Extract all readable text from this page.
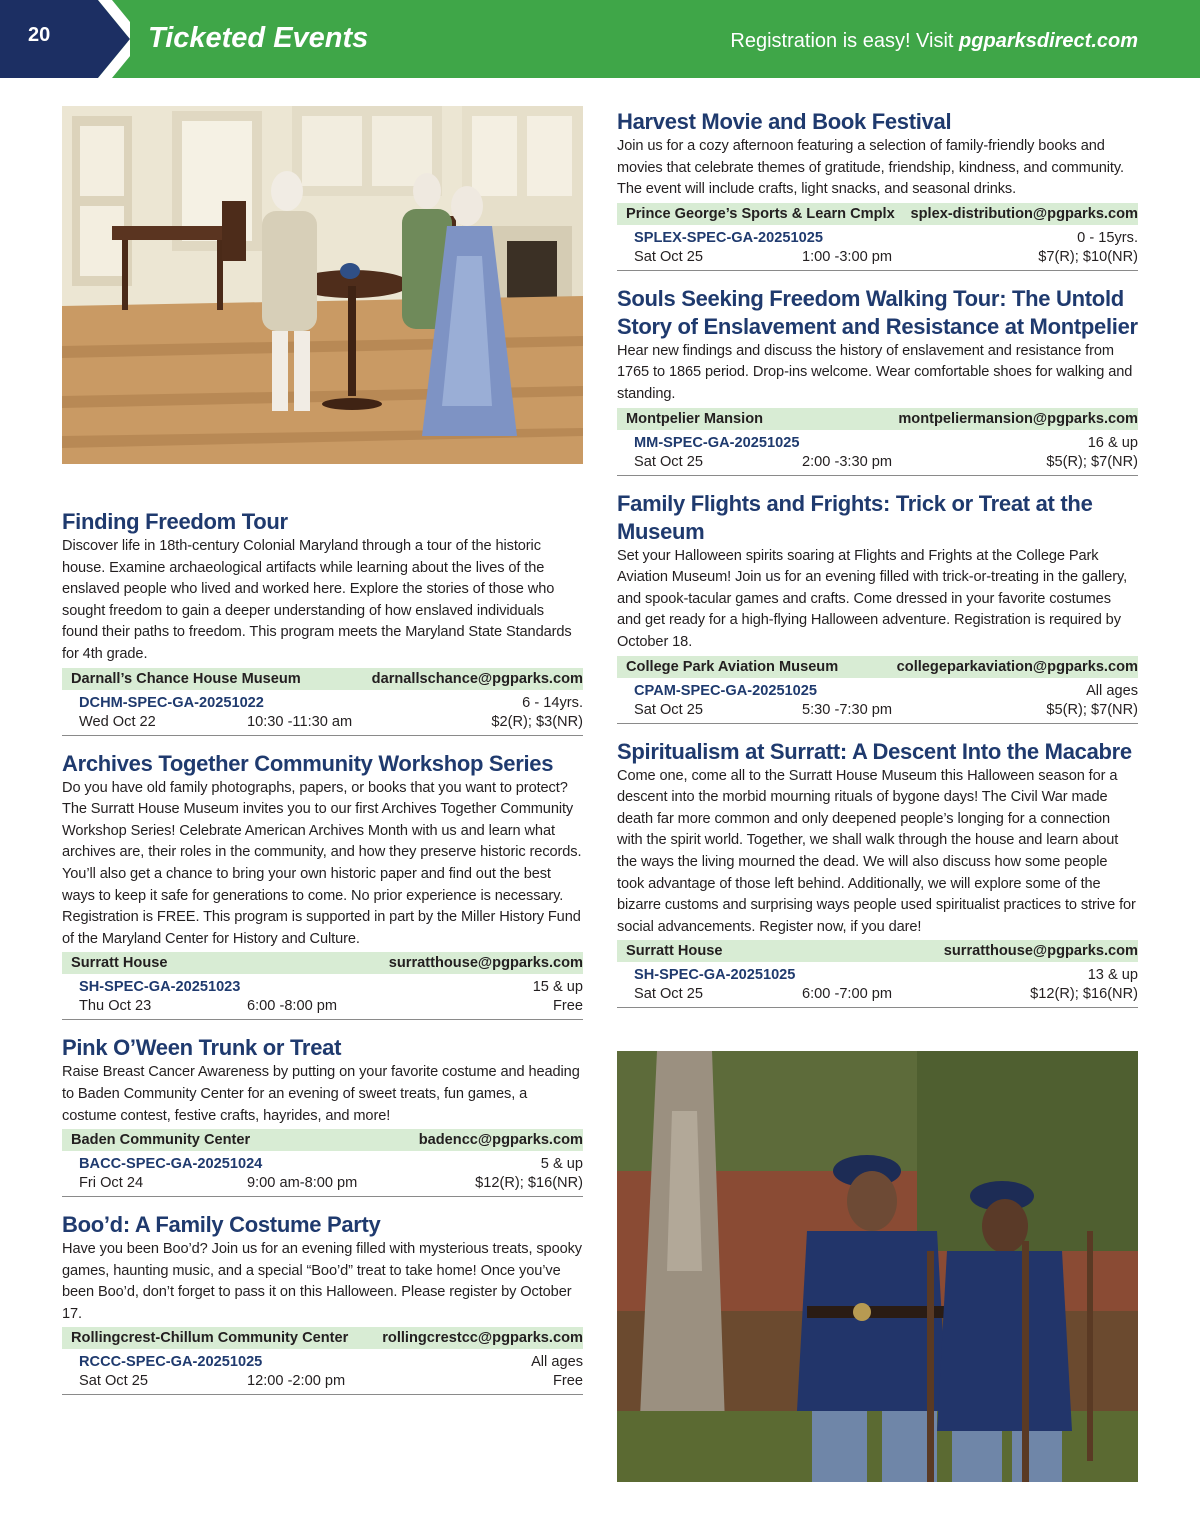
20	Ticketed Events	Registration is easy! Visit pgparksdirect.com
Finding Freedom Tour
Discover life in 18th-century Colonial Maryland through a tour of the historic house. Examine archaeological artifacts while learning about the lives of the enslaved people who lived and worked here. Explore the stories of those who sought freedom to gain a deeper understanding of how enslaved individuals found their paths to freedom. This program meets the Maryland State Standards for 4th grade.
Darnall’s Chance House Museum	darnallschance@pgparks.com
DCHM-SPEC-GA-20251022	6 - 14yrs.
Wed Oct 22	10:30 -11:30 am	$2(R); $3(NR)
Archives Together Community Workshop Series
Do you have old family photographs, papers, or books that you want to protect? The Surratt House Museum invites you to our first Archives Together Community Workshop Series! Celebrate American Archives Month with us and learn what archives are, their roles in the community, and how they preserve historic records. You’ll also get a chance to bring your own historic paper and find out the best ways to keep it safe for generations to come. No prior experience is necessary. Registration is FREE. This program is supported in part by the Miller History Fund of the Maryland Center for History and Culture.
Surratt House	surratthouse@pgparks.com
SH-SPEC-GA-20251023	15 & up
Thu Oct 23	6:00 -8:00 pm	Free
Pink O’Ween Trunk or Treat
Raise Breast Cancer Awareness by putting on your favorite costume and heading to Baden Community Center for an evening of sweet treats, fun games, a costume contest, festive crafts, hayrides, and more!
Baden Community Center	badencc@pgparks.com
BACC-SPEC-GA-20251024	5 & up
Fri Oct 24	9:00 am-8:00 pm	$12(R); $16(NR)
Boo’d: A Family Costume Party
Have you been Boo’d? Join us for an evening filled with mysterious treats, spooky games, haunting music, and a special “Boo’d” treat to take home! Once you’ve been Boo’d, don’t forget to pass it on this Halloween. Please register by October 17.
Rollingcrest-Chillum Community Center rollingcrestcc@pgparks.com
RCCC-SPEC-GA-20251025	All ages
Sat Oct 25	12:00 -2:00 pm	Free
Harvest Movie and Book Festival
Join us for a cozy afternoon featuring a selection of family-friendly books and movies that celebrate themes of gratitude, friendship, kindness, and community. The event will include crafts, light snacks, and seasonal drinks.
Prince George’s Sports & Learn Cmplx splex-distribution@pgparks.com
SPLEX-SPEC-GA-20251025	0 - 15yrs.
Sat Oct 25	1:00 -3:00 pm	$7(R); $10(NR)
Souls Seeking Freedom Walking Tour: The Untold Story of Enslavement and Resistance at Montpelier
Hear new findings and discuss the history of enslavement and resistance from 1765 to 1865 period. Drop-ins welcome. Wear comfortable shoes for walking and standing.
Montpelier Mansion	montpeliermansion@pgparks.com
MM-SPEC-GA-20251025	16 & up
Sat Oct 25	2:00 -3:30 pm	$5(R); $7(NR)
Family Flights and Frights: Trick or Treat at the Museum
Set your Halloween spirits soaring at Flights and Frights at the College Park Aviation Museum! Join us for an evening filled with trick-or-treating in the gallery, and spook-tacular games and crafts. Come dressed in your favorite costumes and get ready for a high-flying Halloween adventure. Registration is required by October 18.
College Park Aviation Museum	collegeparkaviation@pgparks.com
CPAM-SPEC-GA-20251025	All ages
Sat Oct 25	5:30 -7:30 pm	$5(R); $7(NR)
Spiritualism at Surratt: A Descent Into the Macabre
Come one, come all to the Surratt House Museum this Halloween season for a descent into the morbid mourning rituals of bygone days! The Civil War made death far more common and only deepened people’s longing for a connection with the spirit world. Together, we shall walk through the house and learn about the ways the living mourned the dead. We will also discuss how some people took advantage of those left behind. Additionally, we will explore some of the bizarre customs and surprising ways people used spiritualist practices to strive for social advancements. Register now, if you dare!
Surratt House	surratthouse@pgparks.com
SH-SPEC-GA-20251025	13 & up
Sat Oct 25	6:00 -7:00 pm	$12(R); $16(NR)
